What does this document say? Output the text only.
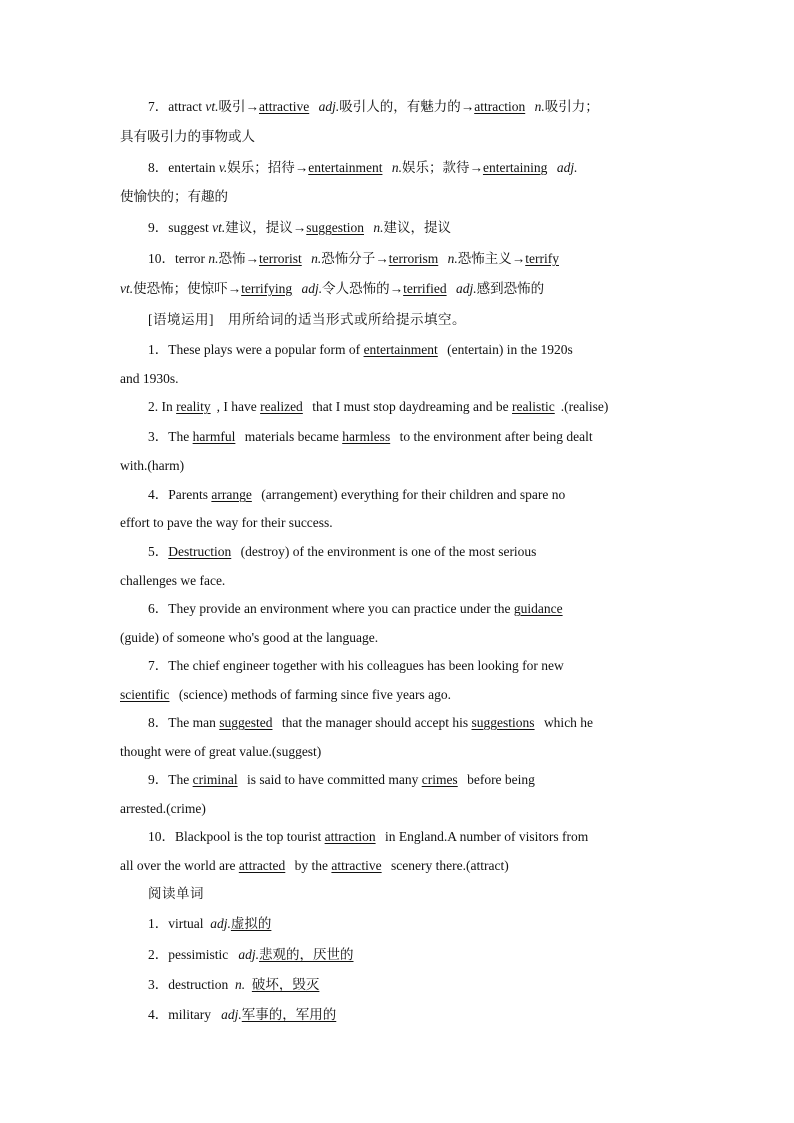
7．attract vt.吸引→attractive adj.吸引人的，有魅力的→attraction n.吸引力；
具有吸引力的事物或人
8．entertain v.娱乐；招待→entertainment n.娱乐；款待→entertaining adj.
使愉快的；有趣的
9．suggest vt.建议，提议→suggestion n.建议，提议
10．terror n.恐怖→terrorist n.恐怖分子→terrorism n.恐怖主义→terrify
vt.使恐怖；使惊吓→terrifying adj.令人恐怖的→terrified adj.感到恐怖的
[语境运用]　用所给词的适当形式或所给提示填空。
1．These plays were a popular form of entertainment (entertain) in the 1920s
and 1930s.
2. In reality , I have realized that I must stop daydreaming and be realistic .(realise)
3．The harmful materials became harmless to the environment after being dealt
with.(harm)
4．Parents arrange (arrangement) everything for their children and spare no
effort to pave the way for their success.
5．Destruction (destroy) of the environment is one of the most serious
challenges we face.
6．They provide an environment where you can practice under the guidance
(guide) of someone who's good at the language.
7．The chief engineer together with his colleagues has been looking for new
scientific (science) methods of farming since five years ago.
8．The man suggested that the manager should accept his suggestions which he
thought were of great value.(suggest)
9．The criminal is said to have committed many crimes before being
arrested.(crime)
10．Blackpool is the top tourist attraction in England.A number of visitors from
all over the world are attracted by the attractive scenery there.(attract)
阅读单词
1．virtual adj.虚拟的
2．pessimistic adj.悲观的，厌世的
3．destruction n. 破坏，毁灭
4．military adj.军事的，军用的
